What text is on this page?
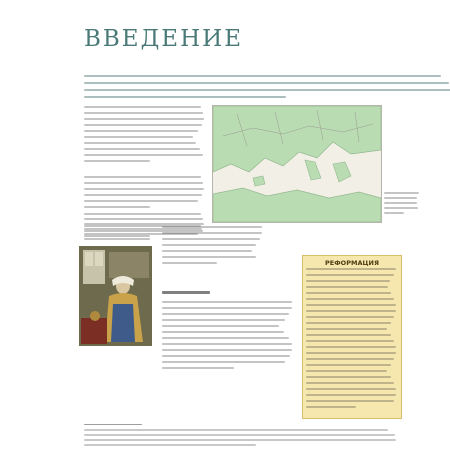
ВВЕДЕНИЕ
РЕФОРМАЦИЯ
